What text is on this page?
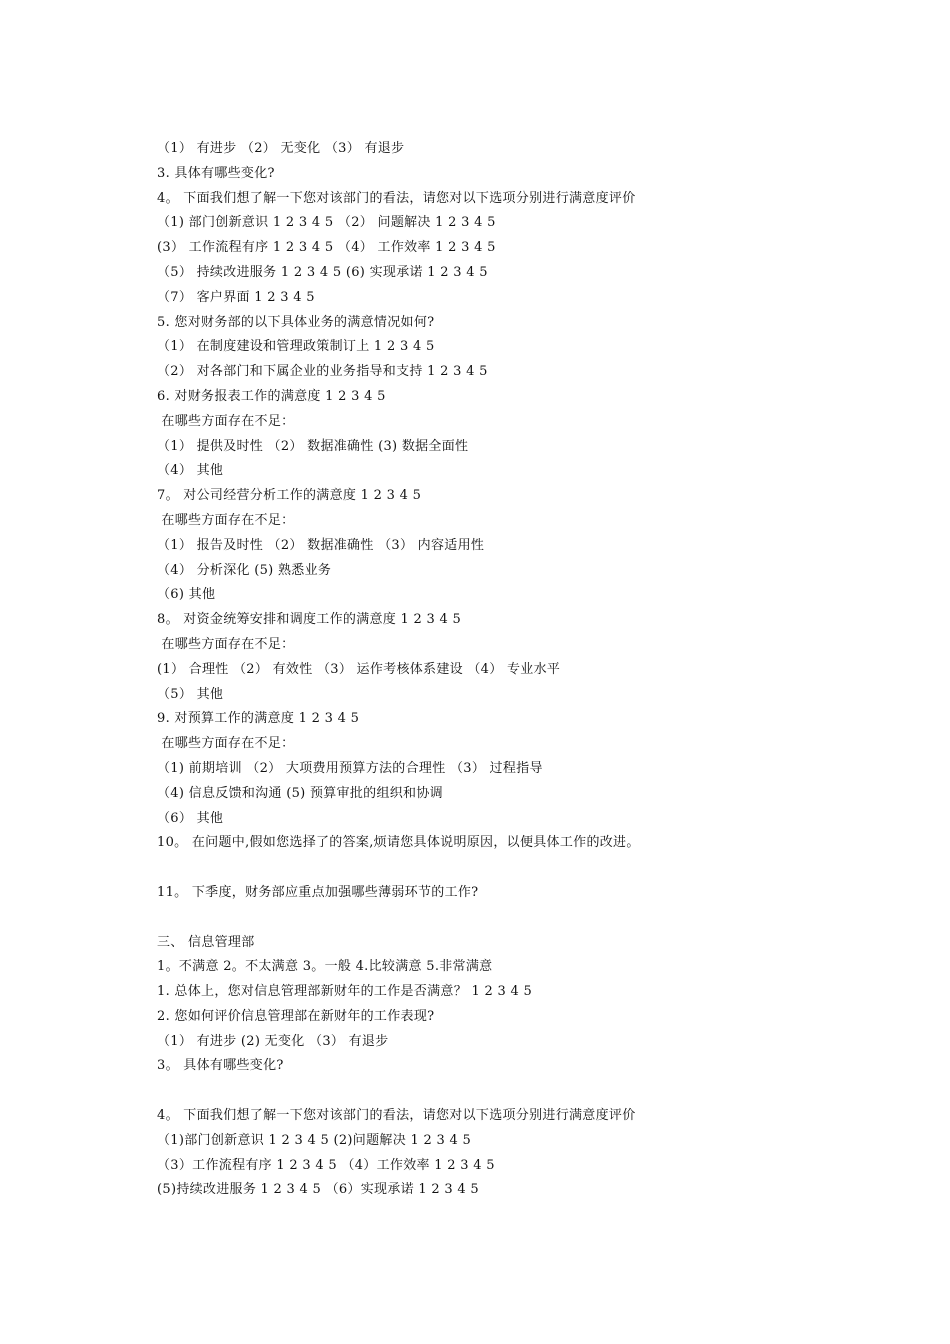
（1） 有进步 （2） 无变化 （3） 有退步
3. 具体有哪些变化?
4。 下面我们想了解一下您对该部门的看法，请您对以下选项分别进行满意度评价
（1) 部门创新意识 1 2 3 4 5 （2） 问题解决 1 2 3 4 5
(3） 工作流程有序 1 2 3 4 5 （4） 工作效率 1 2 3 4 5
（5） 持续改进服务 1 2 3 4 5 (6) 实现承诺 1 2 3 4 5
（7） 客户界面 1 2 3 4 5
5. 您对财务部的以下具体业务的满意情况如何?
（1） 在制度建设和管理政策制订上 1 2 3 4 5
（2） 对各部门和下属企业的业务指导和支持 1 2 3 4 5
6. 对财务报表工作的满意度 1 2 3 4 5
在哪些方面存在不足：
（1） 提供及时性 （2） 数据准确性 (3) 数据全面性
（4） 其他
7。 对公司经营分析工作的满意度 1 2 3 4 5
在哪些方面存在不足：
（1） 报告及时性 （2） 数据准确性 （3） 内容适用性
（4） 分析深化 (5) 熟悉业务
（6) 其他
8。 对资金统筹安排和调度工作的满意度 1 2 3 4 5
在哪些方面存在不足：
(1） 合理性 （2） 有效性 （3） 运作考核体系建设 （4） 专业水平
（5） 其他
9. 对预算工作的满意度 1 2 3 4 5
在哪些方面存在不足：
（1) 前期培训 （2） 大项费用预算方法的合理性 （3） 过程指导
（4) 信息反馈和沟通 (5) 预算审批的组织和协调
（6） 其他
10。 在问题中,假如您选择了的答案,烦请您具体说明原因，以便具体工作的改进。
11。 下季度，财务部应重点加强哪些薄弱环节的工作?
三、 信息管理部
1。不满意 2。不太满意 3。一般 4.比较满意 5.非常满意
1. 总体上，您对信息管理部新财年的工作是否满意？ 1 2 3 4 5
2. 您如何评价信息管理部在新财年的工作表现?
（1） 有进步 (2) 无变化 （3） 有退步
3。 具体有哪些变化?
4。 下面我们想了解一下您对该部门的看法，请您对以下选项分别进行满意度评价
（1)部门创新意识 1 2 3 4 5 (2)问题解决 1 2 3 4 5
（3）工作流程有序 1 2 3 4 5 （4）工作效率 1 2 3 4 5
(5)持续改进服务 1 2 3 4 5 （6）实现承诺 1 2 3 4 5
